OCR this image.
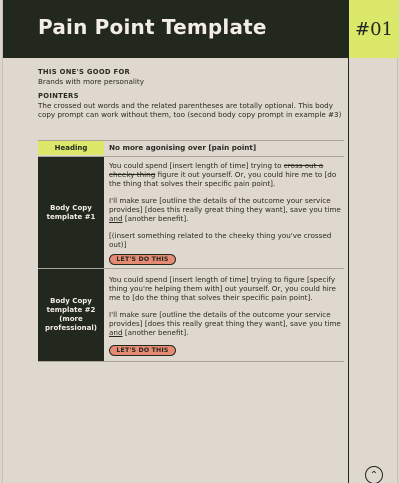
Pain Point Template	#01
THIS ONE'S GOOD FOR
Brands with more personality
POINTERS
The crossed out words and the related parentheses are totally optional. This body copy prompt can work without them, too (second body copy prompt in example #3)
Heading	No more agonising over [pain point]
Body Copy template #1
You could spend [insert length of time] trying to cross out a cheeky thing figure it out yourself. Or, you could hire me to [do the thing that solves their specific pain point].
I'll make sure [outline the details of the outcome your service provides] [does this really great thing they want], save you time and [another benefit].
[(insert something related to the cheeky thing you've crossed out)]
LET'S DO THIS
Body Copy template #2 (more professional)
You could spend [insert length of time] trying to figure [specify thing you're helping them with] out yourself. Or, you could hire me to [do the thing that solves their specific pain point].
I'll make sure [outline the details of the outcome your service provides] [does this really great thing they want], save you time and [another benefit].
LET'S DO THIS
⌃
